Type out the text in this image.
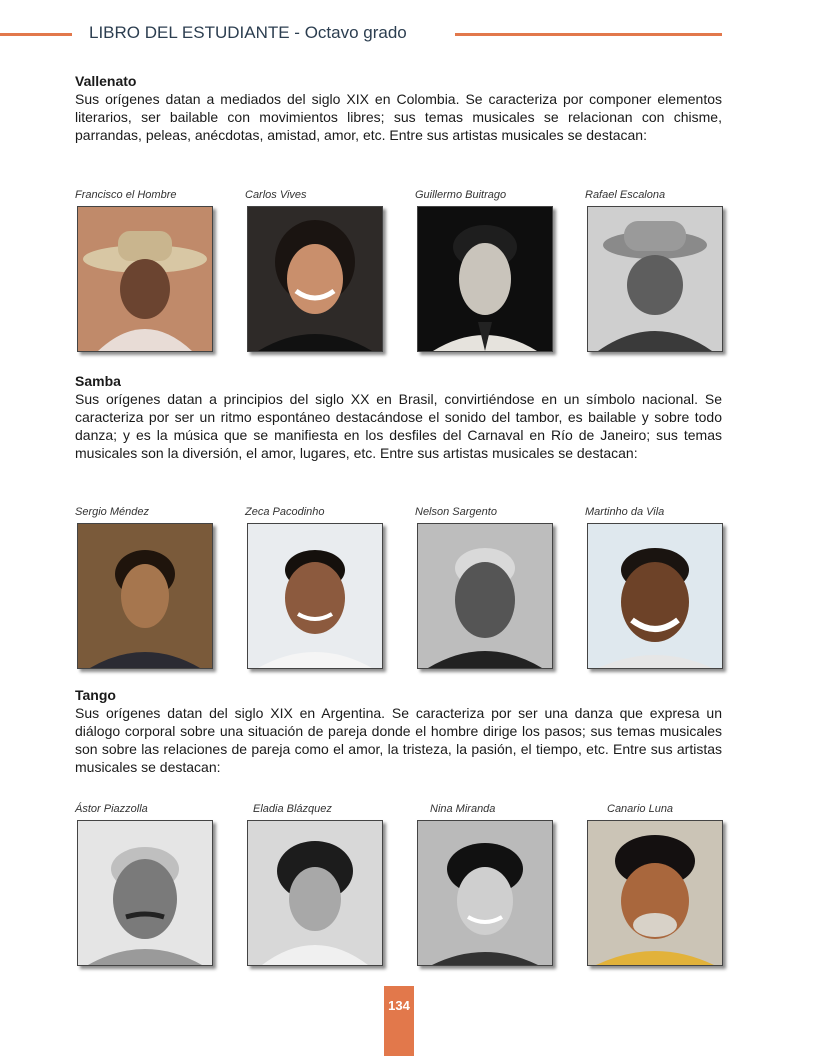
LIBRO DEL ESTUDIANTE - Octavo grado

Vallenato

Sus orígenes datan a mediados del siglo XIX en Colombia. Se caracteriza por componer elementos literarios, ser bailable con movimientos libres; sus temas musicales se relacionan con chisme, parrandas, peleas, anécdotas, amistad, amor, etc. Entre sus artistas musicales se destacan:

Francisco el Hombre	Carlos Vives	Guillermo Buitrago	Rafael Escalona

Samba

Sus orígenes datan a principios del siglo XX en Brasil, convirtiéndose en un símbolo nacional. Se caracteriza por ser un ritmo espontáneo destacándose el sonido del tambor, es bailable y sobre todo danza; y es la música que se manifiesta en los desfiles del Carnaval en Río de Janeiro; sus temas musicales son la diversión, el amor, lugares, etc. Entre sus artistas musicales se destacan:

Sergio Méndez	Zeca Pacodinho	Nelson Sargento	Martinho da Vila

Tango

Sus orígenes datan del siglo XIX en Argentina. Se caracteriza por ser una danza que expresa un diálogo corporal sobre una situación de pareja donde el hombre dirige los pasos; sus temas musicales son sobre las relaciones de pareja como el amor, la tristeza, la pasión, el tiempo, etc. Entre sus artistas musicales se destacan:

Ástor Piazzolla	Eladia Blázquez	Nina Miranda	Canario Luna
134
